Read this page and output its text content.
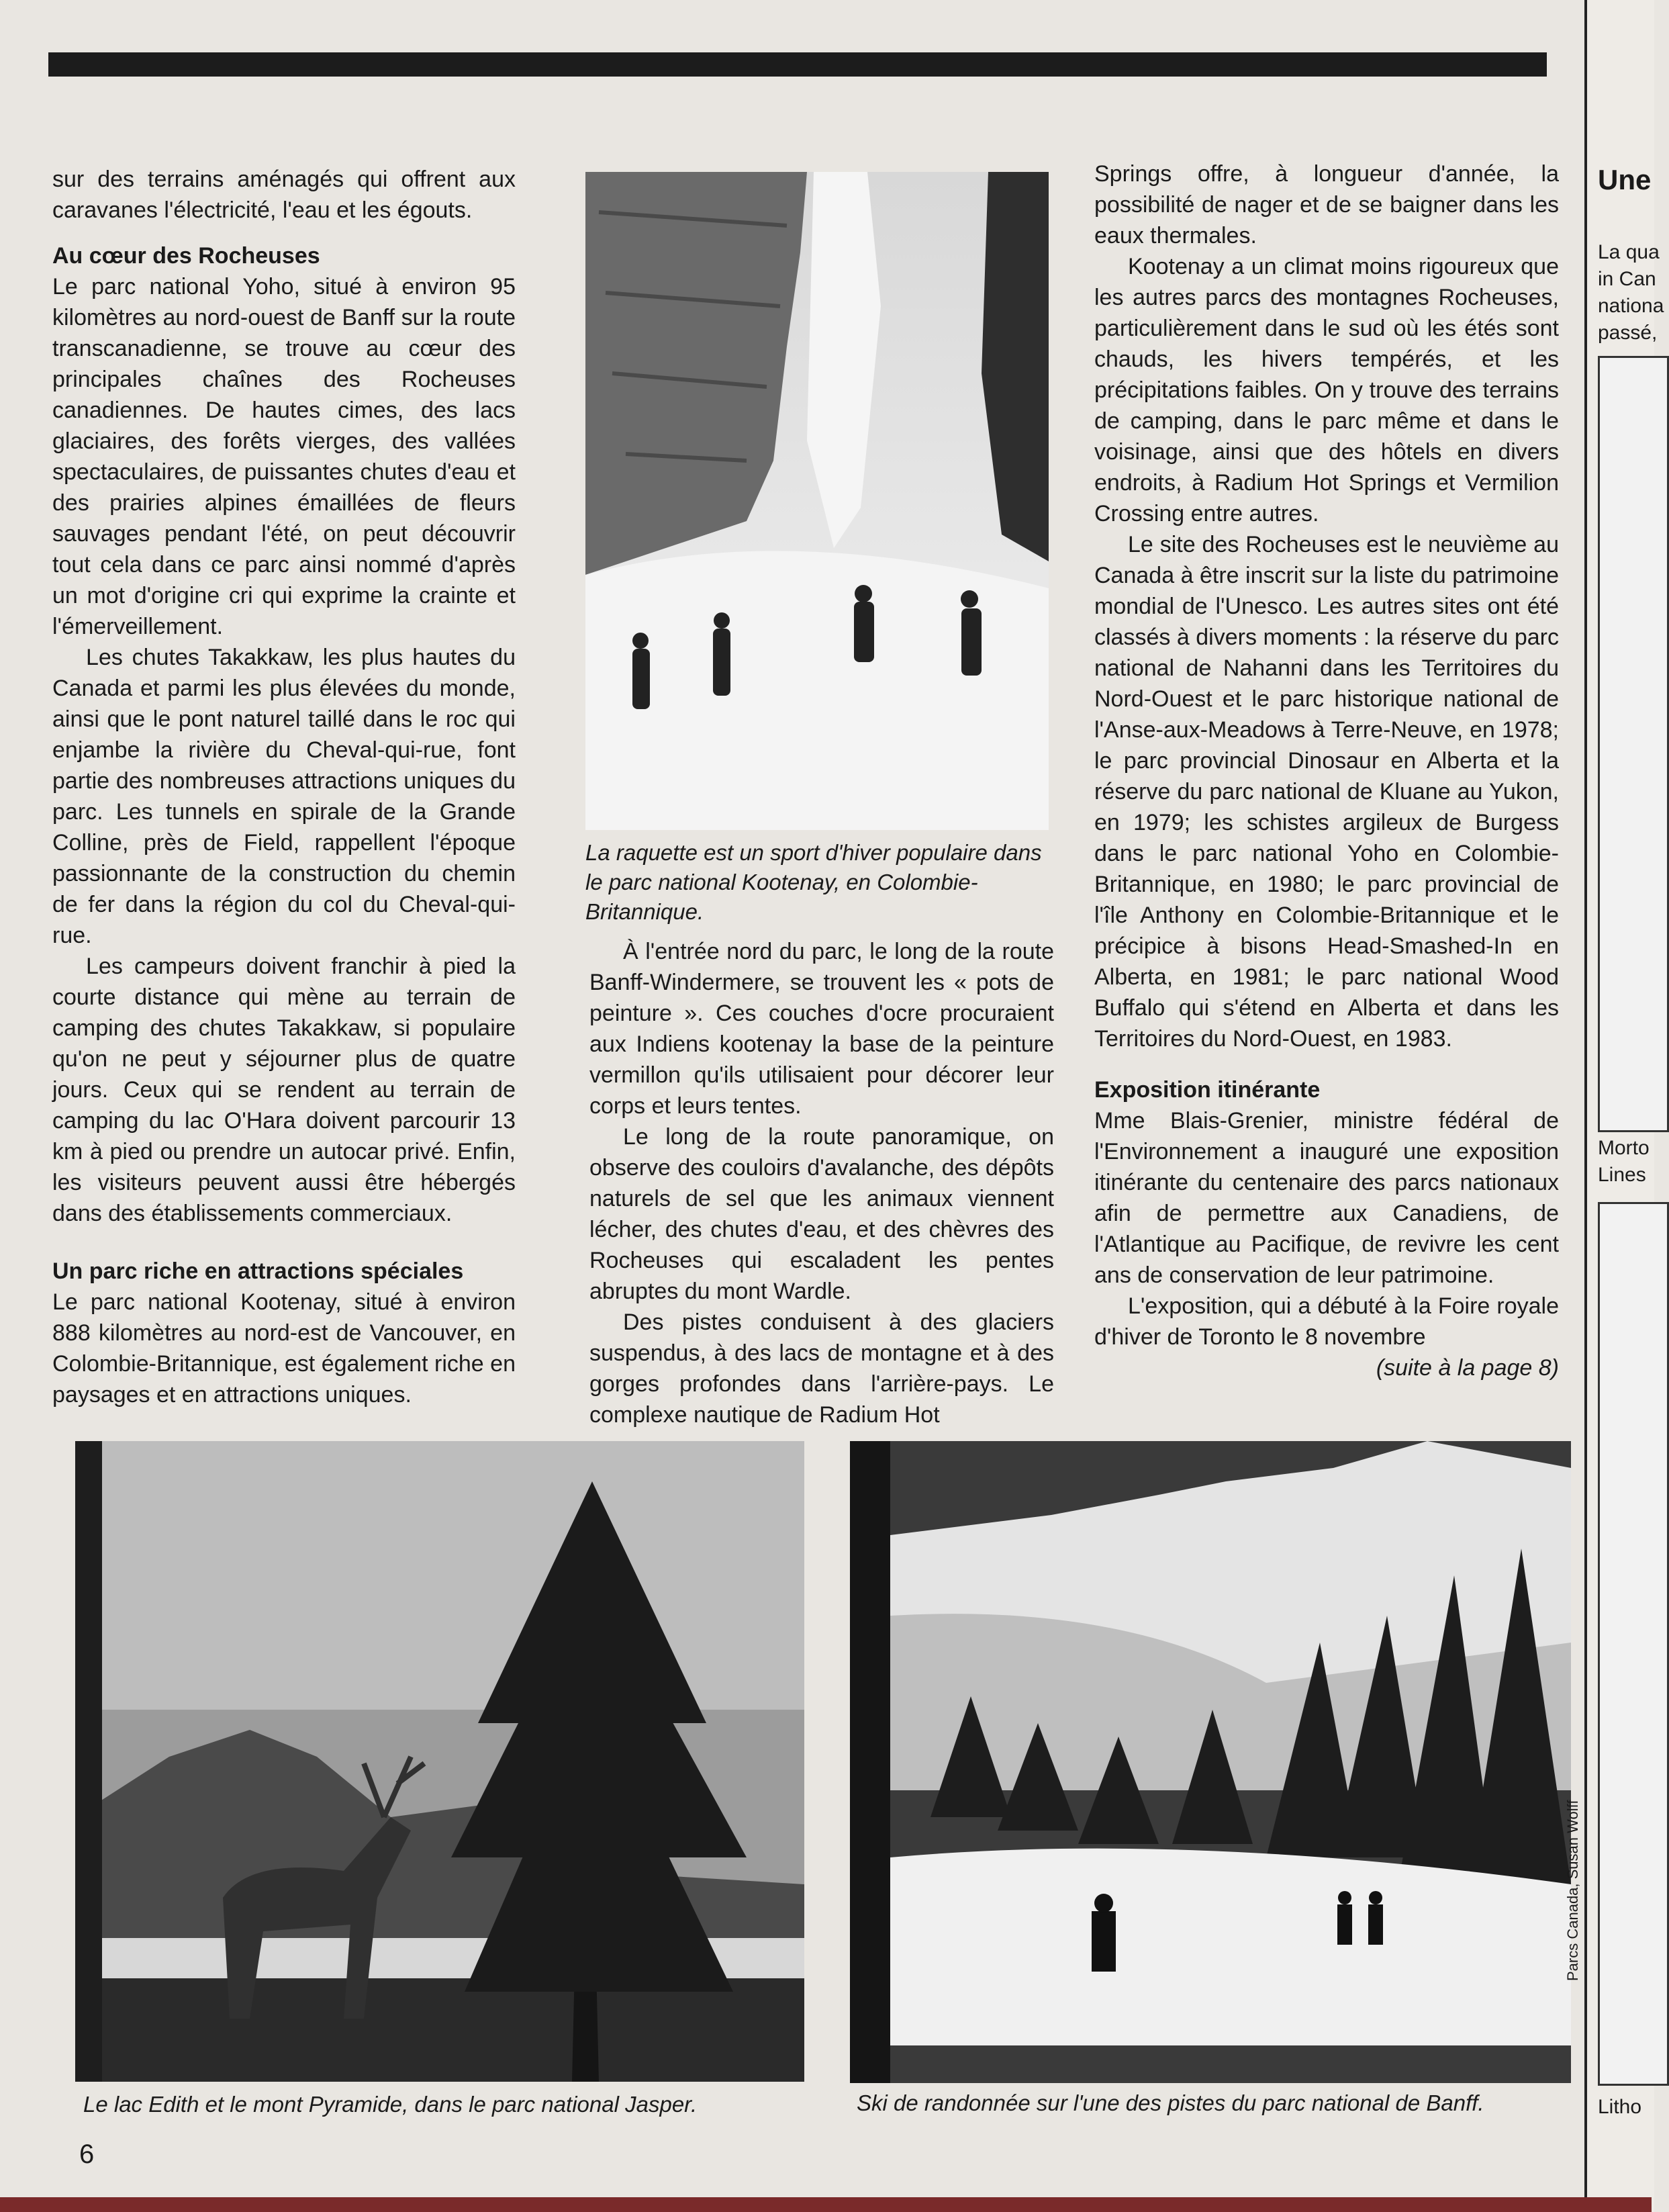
sur des terrains aménagés qui offrent aux caravanes l'électricité, l'eau et les égouts.

Au cœur des Rocheuses

Le parc national Yoho, situé à environ 95 kilomètres au nord-ouest de Banff sur la route transcanadienne, se trouve au cœur des principales chaînes des Rocheuses canadiennes. De hautes cimes, des lacs glaciaires, des forêts vierges, des vallées spectaculaires, de puissantes chutes d'eau et des prairies alpines émaillées de fleurs sauvages pendant l'été, on peut découvrir tout cela dans ce parc ainsi nommé d'après un mot d'origine cri qui exprime la crainte et l'émerveillement.

Les chutes Takakkaw, les plus hautes du Canada et parmi les plus élevées du monde, ainsi que le pont naturel taillé dans le roc qui enjambe la rivière du Cheval-qui-rue, font partie des nombreuses attractions uniques du parc. Les tunnels en spirale de la Grande Colline, près de Field, rappellent l'époque passionnante de la construction du chemin de fer dans la région du col du Cheval-qui-rue.

Les campeurs doivent franchir à pied la courte distance qui mène au terrain de camping des chutes Takakkaw, si populaire qu'on ne peut y séjourner plus de quatre jours. Ceux qui se rendent au terrain de camping du lac O'Hara doivent parcourir 13 km à pied ou prendre un autocar privé. Enfin, les visiteurs peuvent aussi être hébergés dans des établissements commerciaux.

Un parc riche en attractions spéciales

Le parc national Kootenay, situé à environ 888 kilomètres au nord-est de Vancouver, en Colombie-Britannique, est également riche en paysages et en attractions uniques.

La raquette est un sport d'hiver populaire dans le parc national Kootenay, en Colombie-Britannique.

À l'entrée nord du parc, le long de la route Banff-Windermere, se trouvent les « pots de peinture ». Ces couches d'ocre procuraient aux Indiens kootenay la base de la peinture vermillon qu'ils utilisaient pour décorer leur corps et leurs tentes.

Le long de la route panoramique, on observe des couloirs d'avalanche, des dépôts naturels de sel que les animaux viennent lécher, des chutes d'eau, et des chèvres des Rocheuses qui escaladent les pentes abruptes du mont Wardle.

Des pistes conduisent à des glaciers suspendus, à des lacs de montagne et à des gorges profondes dans l'arrière-pays. Le complexe nautique de Radium Hot

Springs offre, à longueur d'année, la possibilité de nager et de se baigner dans les eaux thermales.

Kootenay a un climat moins rigoureux que les autres parcs des montagnes Rocheuses, particulièrement dans le sud où les étés sont chauds, les hivers tempérés, et les précipitations faibles. On y trouve des terrains de camping, dans le parc même et dans le voisinage, ainsi que des hôtels en divers endroits, à Radium Hot Springs et Vermilion Crossing entre autres.

Le site des Rocheuses est le neuvième au Canada à être inscrit sur la liste du patrimoine mondial de l'Unesco. Les autres sites ont été classés à divers moments : la réserve du parc national de Nahanni dans les Territoires du Nord-Ouest et le parc historique national de l'Anse-aux-Meadows à Terre-Neuve, en 1978; le parc provincial Dinosaur en Alberta et la réserve du parc national de Kluane au Yukon, en 1979; les schistes argileux de Burgess dans le parc national Yoho en Colombie-Britannique, en 1980; le parc provincial de l'île Anthony en Colombie-Britannique et le précipice à bisons Head-Smashed-In en Alberta, en 1981; le parc national Wood Buffalo qui s'étend en Alberta et dans les Territoires du Nord-Ouest, en 1983.

Exposition itinérante

Mme Blais-Grenier, ministre fédéral de l'Environnement a inauguré une exposition itinérante du centenaire des parcs nationaux afin de permettre aux Canadiens, de l'Atlantique au Pacifique, de revivre les cent ans de conservation de leur patrimoine.

L'exposition, qui a débuté à la Foire royale d'hiver de Toronto le 8 novembre

(suite à la page 8)
Le lac Edith et le mont Pyramide, dans le parc national Jasper.	Ski de randonnée sur l'une des pistes du parc national de Banff.
Parcs Canada, Susan Wolff
6
Une
La qua
in Can
nationa
passé,
Morto
Lines
Litho
